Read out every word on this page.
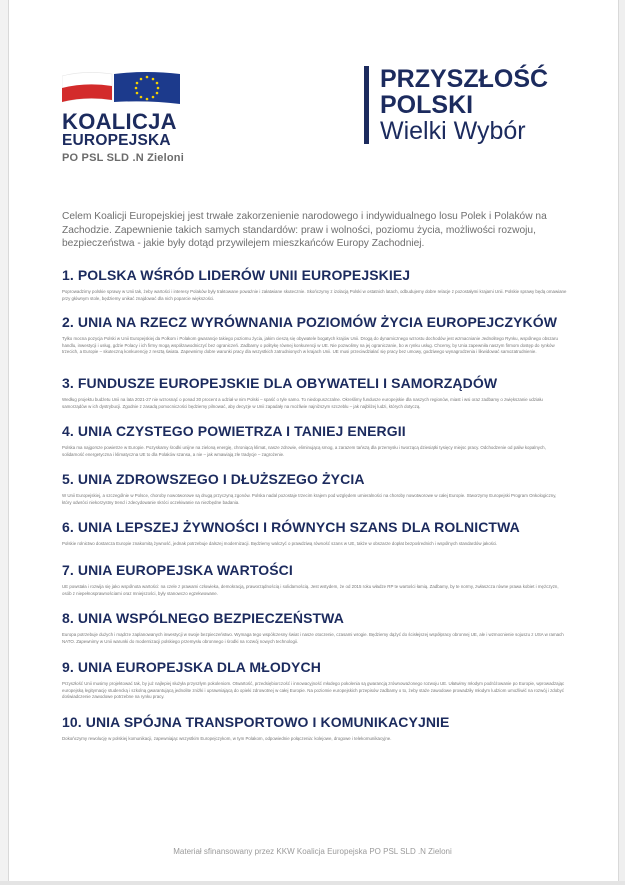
KOALICJA
EUROPEJSKA
PO PSL SLD .N Zieloni
PRZYSZŁOŚĆ
POLSKI
Wielki Wybór
Celem Koalicji Europejskiej jest trwałe zakorzenienie narodowego i indywidualnego losu Polek i Polaków na Zachodzie. Zapewnienie takich samych standardów: praw i wolności, poziomu życia, możliwości rozwoju, bezpieczeństwa - jakie były dotąd przywilejem mieszkańców Europy Zachodniej.
1. POLSKA WŚRÓD LIDERÓW UNII EUROPEJSKIEJ
Poprowadzimy polskie sprawy w Unii tak, żeby wartości i interesy Polaków były traktowane poważnie i załatwiane skutecznie. Skończymy z izolacją Polski w ostatnich latach, odbudujemy dobre relacje z pozostałymi krajami Unii. Polskie sprawy będą omawiane przy głównym stole, będziemy unikać znajdować dla nich poparcie większości.
2. UNIA NA RZECZ WYRÓWNANIA POZIOMÓW ŻYCIA EUROPEJCZYKÓW
Tylko mocna pozycja Polski w Unii Europejskiej da Polkom i Polakom gwarancje takiego poziomu życia, jakim cieszą się obywatele bogatych krajów Unii. Drogą do dynamicznego wzrostu dochodów jest wzmacnianie Jednolitego Rynku, wspólnego obszaru handlu, inwestycji i usług, gdzie Polacy i ich firmy mogą współzawodniczyć bez ograniczeń. Zadbamy o politykę równej konkurencji w UE. Nie pozwolimy na jej ograniczanie, bo w rynku usług. Chcemy, by Unia zapewniła naszym firmom dostęp do rynków trzecich, a Europie – skuteczną konkurencję z resztą świata. Zapewnimy dobre warunki pracy dla wszystkich zatrudnionych w krajach Unii. UE musi przeciwdziałać się pracy bez umowy, godziwego wynagrodzenia i likwidować samozatrudnienie.
3. FUNDUSZE EUROPEJSKIE DLA OBYWATELI I SAMORZĄDÓW
Według projektu budżetu Unii na lata 2021-27 nie wzrosnąć o ponad 30 procent a udział w nim Polski – spaść o tyle samo. To niedopuszczalne. Określimy fundusze europejskie dla naszych regionów, miast i wsi oraz zadbamy o zwiększanie udziału samorządów w ich dystrybucji. Zgodnie z zasadą pomocniczości będziemy pilnować, aby decyzje w Unii zapadały na możliwie najniższym szczeblu – jak najbliżej ludzi, których dotyczą.
4. UNIA CZYSTEGO POWIETRZA I TANIEJ ENERGII
Polska ma najgorsze powietrze w Europie. Pozyskamy środki unijne na zieloną energię, chroniącą klimat, nasze zdrowie, eliminującą smog, a zarazem tańszą dla przemysłu i tworzącą dziesiątki tysięcy miejsc pracy. Odchodzenie od paliw kopalnych, solidarność energetyczna i klimatyczna UE to dla Polaków szansa, a nie – jak wmawiają złe tradycje – zagrożenie.
5. UNIA ZDROWSZEGO I DŁUŻSZEGO ŻYCIA
W Unii Europejskiej, a szczególnie w Polsce, choroby nowotworowe są drugą przyczyną zgonów. Polska nadal pozostaje trzecim krajem pod względem umieralności na choroby nowotworowe w całej Europie. Stworzymy Europejski Program Onkologiczny, który odwróci niekorzystny trend i zdecydowanie skróci oczekiwanie na niezbędne badania.
6. UNIA LEPSZEJ ŻYWNOŚCI I RÓWNYCH SZANS DLA ROLNICTWA
Polskie rolnictwo dostarcza Europie znakomitą żywność, jednak potrzebuje dalszej modernizacji. Będziemy walczyć o prawdziwą równość szans w UE, także w obszarze dopłat bezpośrednich i wspólnych standardów jakości.
7. UNIA EUROPEJSKA WARTOŚCI
UE powstała i rozwija się jako wspólnota wartości: na czele z prawami człowieka, demokracją, praworządnością i solidarnością. Jest wstydem, że od 2015 roku władze RP te wartości łamią. Zadbamy, by te normy, zwłaszcza równe prawa kobiet i mężczyzn, osób z niepełnosprawnościami oraz mniejszości, były stanowczo egzekwowane.
8. UNIA WSPÓLNEGO BEZPIECZEŃSTWA
Europa potrzebuje dużych i mądrze zaplanowanych inwestycji w swoje bezpieczeństwo. Wymaga tego współczesny świat i nasze otoczenie, czasami wrogie. Będziemy dążyć do ścisłejszej współpracy obronnej UE, ale i wzmocnienie sojuszu z USA w ramach NATO. Zapewnimy w Unii warunki do modernizacji polskiego przemysłu obronnego i środki na rozwój nowych technologii.
9. UNIA EUROPEJSKA DLA MŁODYCH
Przyszłość Unii musimy projektować tak, by już najlepiej służyła przyszłym pokoleniom. Otwartość, przedsiębiorczość i innowacyjność młodego pokolenia są gwarancją zrównoważonego rozwoju UE. Ułatwimy młodym podróżowanie po Europie, wprowadzając europejską legitymację studencką i szkolną gwarantującą jednolite zniżki i uprawniającą do opieki zdrowotnej w całej Europie. Na poziomie europejskich przepisów zadbamy o to, żeby staże zawodowe prowadziły młodym ludziom umożliwić na rozwój i zdobyć doświadczenie zawodowe potrzebne na rynku pracy.
10. UNIA SPÓJNA TRANSPORTOWO I KOMUNIKACYJNIE
Dokończymy rewolucję w polskiej komunikacji, zapewniając wszystkim Europejczykom, w tym Polakom, odpowiednie połączenia: kolejowe, drogowe i telekomunikacyjne.
Materiał sfinansowany przez KKW Koalicja Europejska PO PSL SLD .N Zieloni
